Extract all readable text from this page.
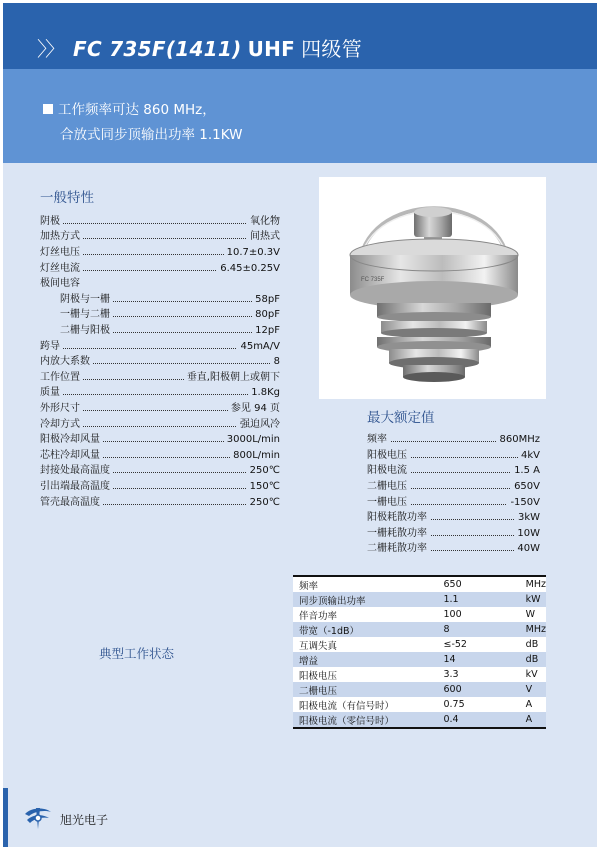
〉〉 FC 735F(1411) UHF 四级管
工作频率可达 860 MHz，
合放式同步顶输出功率 1.1KW
一般特性
阴极	氧化物
加热方式	间热式
灯丝电压	10.7±0.3V
灯丝电流	6.45±0.25V
极间电容
阴极与一栅	58pF
一栅与二栅	80pF
二栅与阳极	12pF
跨导	45mA/V
内放大系数	8
工作位置	垂直,阳极朝上或朝下
质量	1.8Kg
外形尺寸	参见 94 页
冷却方式	强迫风冷
阳极冷却风量	3000L/min
芯柱冷却风量	800L/min
封接处最高温度	250℃
引出端最高温度	150℃
管壳最高温度	250℃
FC 735F
最大额定值
频率	860MHz
阳极电压	4kV
阳极电流	1.5 A
二栅电压	650V
一栅电压	-150V
阳极耗散功率	3kW
一栅耗散功率	10W
二栅耗散功率	40W
典型工作状态
频率	650	MHz
同步顶输出功率	1.1	kW
伴音功率	100	W
带宽（-1dB）	8	MHz
互调失真	≤-52	dB
增益	14	dB
阳极电压	3.3	kV
二栅电压	600	V
阳极电流（有信号时）	0.75	A
阳极电流（零信号时）	0.4	A
旭光电子
